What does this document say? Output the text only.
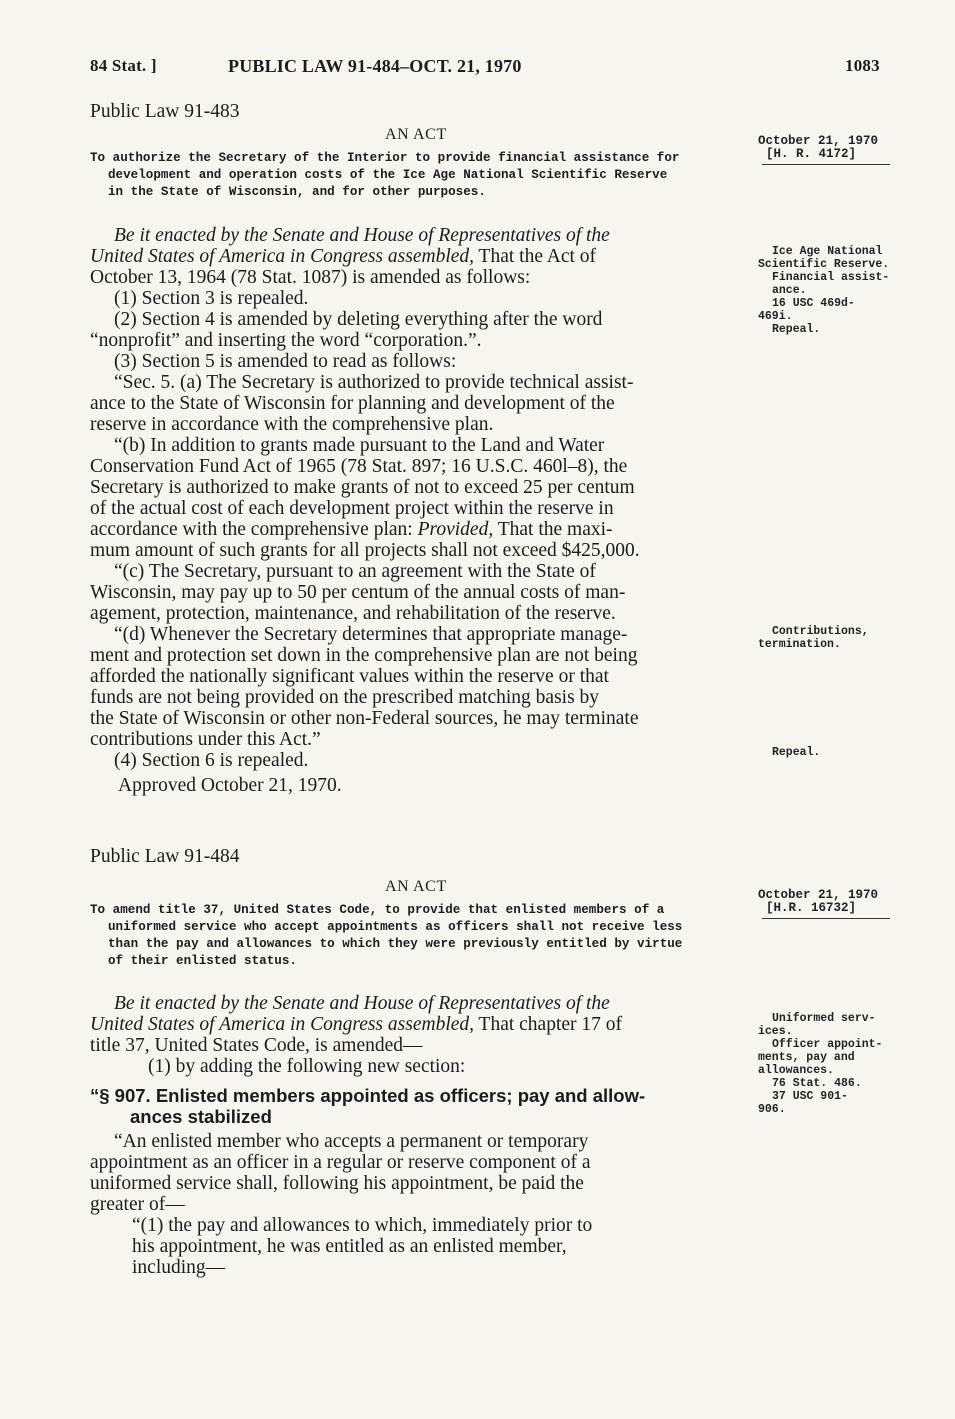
84 Stat. ]	PUBLIC LAW 91-484–OCT. 21, 1970	1083
Public Law 91-483
AN ACT
To authorize the Secretary of the Interior to provide financial assistance for
development and operation costs of the Ice Age National Scientific Reserve
in the State of Wisconsin, and for other purposes.

Be it enacted by the Senate and House of Representatives of the

United States of America in Congress assembled, That the Act of

October 13, 1964 (78 Stat. 1087) is amended as follows:

(1) Section 3 is repealed.

(2) Section 4 is amended by deleting everything after the word

“nonprofit” and inserting the word “corporation.”.

(3) Section 5 is amended to read as follows:

“Sec. 5. (a) The Secretary is authorized to provide technical assist-

ance to the State of Wisconsin for planning and development of the

reserve in accordance with the comprehensive plan.

“(b) In addition to grants made pursuant to the Land and Water

Conservation Fund Act of 1965 (78 Stat. 897; 16 U.S.C. 460l–8), the

Secretary is authorized to make grants of not to exceed 25 per centum

of the actual cost of each development project within the reserve in

accordance with the comprehensive plan: Provided, That the maxi-

mum amount of such grants for all projects shall not exceed $425,000.

“(c) The Secretary, pursuant to an agreement with the State of

Wisconsin, may pay up to 50 per centum of the annual costs of man-

agement, protection, maintenance, and rehabilitation of the reserve.

“(d) Whenever the Secretary determines that appropriate manage-

ment and protection set down in the comprehensive plan are not being

afforded the nationally significant values within the reserve or that

funds are not being provided on the prescribed matching basis by

the State of Wisconsin or other non-Federal sources, he may terminate

contributions under this Act.”

(4) Section 6 is repealed.

Approved October 21, 1970.

Public Law 91-484
AN ACT
To amend title 37, United States Code, to provide that enlisted members of a
uniformed service who accept appointments as officers shall not receive less
than the pay and allowances to which they were previously entitled by virtue
of their enlisted status.

Be it enacted by the Senate and House of Representatives of the

United States of America in Congress assembled, That chapter 17 of

title 37, United States Code, is amended—

(1) by adding the following new section:

“§ 907. Enlisted members appointed as officers; pay and allow-
ances stabilized

“An enlisted member who accepts a permanent or temporary

appointment as an officer in a regular or reserve component of a

uniformed service shall, following his appointment, be paid the

greater of—

“(1) the pay and allowances to which, immediately prior to

his appointment, he was entitled as an enlisted member,

including—

October 21, 1970
[H. R. 4172]
Ice Age National
Scientific Reserve.
Financial assist-
ance.
16 USC 469d-
469i.
Repeal.
Contributions,
termination.
Repeal.
October 21, 1970
[H.R. 16732]
Uniformed serv-
ices.
Officer appoint-
ments, pay and
allowances.
76 Stat. 486.
37 USC 901-
906.
